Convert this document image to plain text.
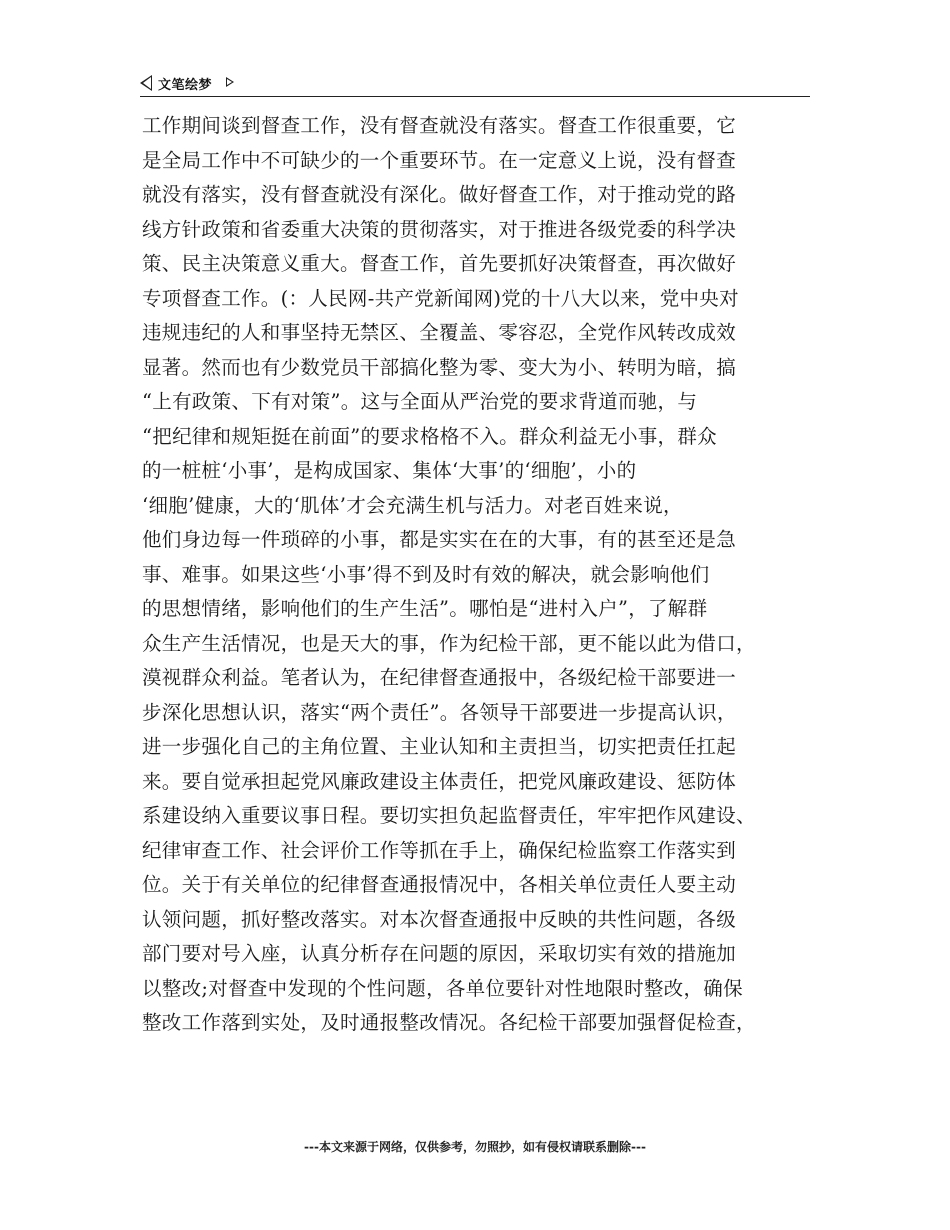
文笔绘梦
工作期间谈到督查工作，没有督查就没有落实。督查工作很重要，它
是全局工作中不可缺少的一个重要环节。在一定意义上说，没有督查
就没有落实，没有督查就没有深化。做好督查工作，对于推动党的路
线方针政策和省委重大决策的贯彻落实，对于推进各级党委的科学决
策、民主决策意义重大。督查工作，首先要抓好决策督查，再次做好
专项督查工作。(：人民网-共产党新闻网)党的十八大以来，党中央对
违规违纪的人和事坚持无禁区、全覆盖、零容忍，全党作风转改成效
显著。然而也有少数党员干部搞化整为零、变大为小、转明为暗，搞
“上有政策、下有对策”。这与全面从严治党的要求背道而驰，与
“把纪律和规矩挺在前面”的要求格格不入。群众利益无小事，群众
的一桩桩‘小事’，是构成国家、集体‘大事’的‘细胞’，小的
‘细胞’健康，大的‘肌体’才会充满生机与活力。对老百姓来说，
他们身边每一件琐碎的小事，都是实实在在的大事，有的甚至还是急
事、难事。如果这些‘小事’得不到及时有效的解决，就会影响他们
的思想情绪，影响他们的生产生活”。哪怕是“进村入户”，了解群
众生产生活情况，也是天大的事，作为纪检干部，更不能以此为借口，
漠视群众利益。笔者认为，在纪律督查通报中，各级纪检干部要进一
步深化思想认识，落实“两个责任”。各领导干部要进一步提高认识，
进一步强化自己的主角位置、主业认知和主责担当，切实把责任扛起
来。要自觉承担起党风廉政建设主体责任，把党风廉政建设、惩防体
系建设纳入重要议事日程。要切实担负起监督责任，牢牢把作风建设、
纪律审查工作、社会评价工作等抓在手上，确保纪检监察工作落实到
位。关于有关单位的纪律督查通报情况中，各相关单位责任人要主动
认领问题，抓好整改落实。对本次督查通报中反映的共性问题，各级
部门要对号入座，认真分析存在问题的原因，采取切实有效的措施加
以整改;对督查中发现的个性问题，各单位要针对性地限时整改，确保
整改工作落到实处，及时通报整改情况。各纪检干部要加强督促检查，
---本文来源于网络，仅供参考，勿照抄，如有侵权请联系删除---
